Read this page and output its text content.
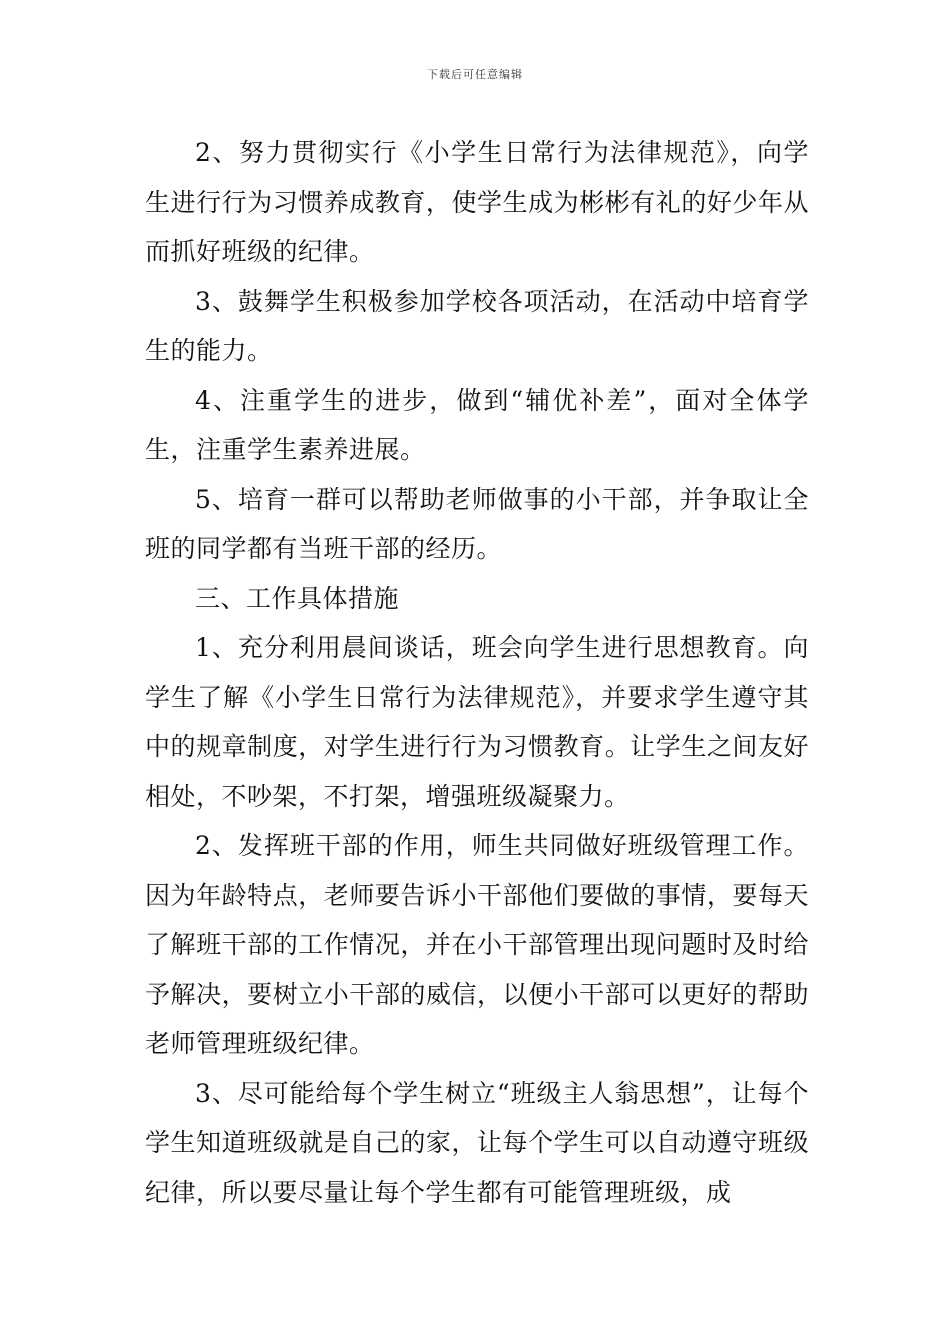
下载后可任意编辑

2、努力贯彻实行《小学生日常行为法律规范》，向学生进行行为习惯养成教育，使学生成为彬彬有礼的好少年从而抓好班级的纪律。

3、鼓舞学生积极参加学校各项活动，在活动中培育学生的能力。

4、注重学生的进步，做到“辅优补差”，面对全体学生，注重学生素养进展。

5、培育一群可以帮助老师做事的小干部，并争取让全班的同学都有当班干部的经历。

三、工作具体措施

1、充分利用晨间谈话，班会向学生进行思想教育。向学生了解《小学生日常行为法律规范》，并要求学生遵守其中的规章制度，对学生进行行为习惯教育。让学生之间友好相处，不吵架，不打架，增强班级凝聚力。

2、发挥班干部的作用，师生共同做好班级管理工作。因为年龄特点，老师要告诉小干部他们要做的事情，要每天了解班干部的工作情况，并在小干部管理出现问题时及时给予解决，要树立小干部的威信，以便小干部可以更好的帮助老师管理班级纪律。

3、尽可能给每个学生树立“班级主人翁思想”，让每个学生知道班级就是自己的家，让每个学生可以自动遵守班级纪律，所以要尽量让每个学生都有可能管理班级，成
